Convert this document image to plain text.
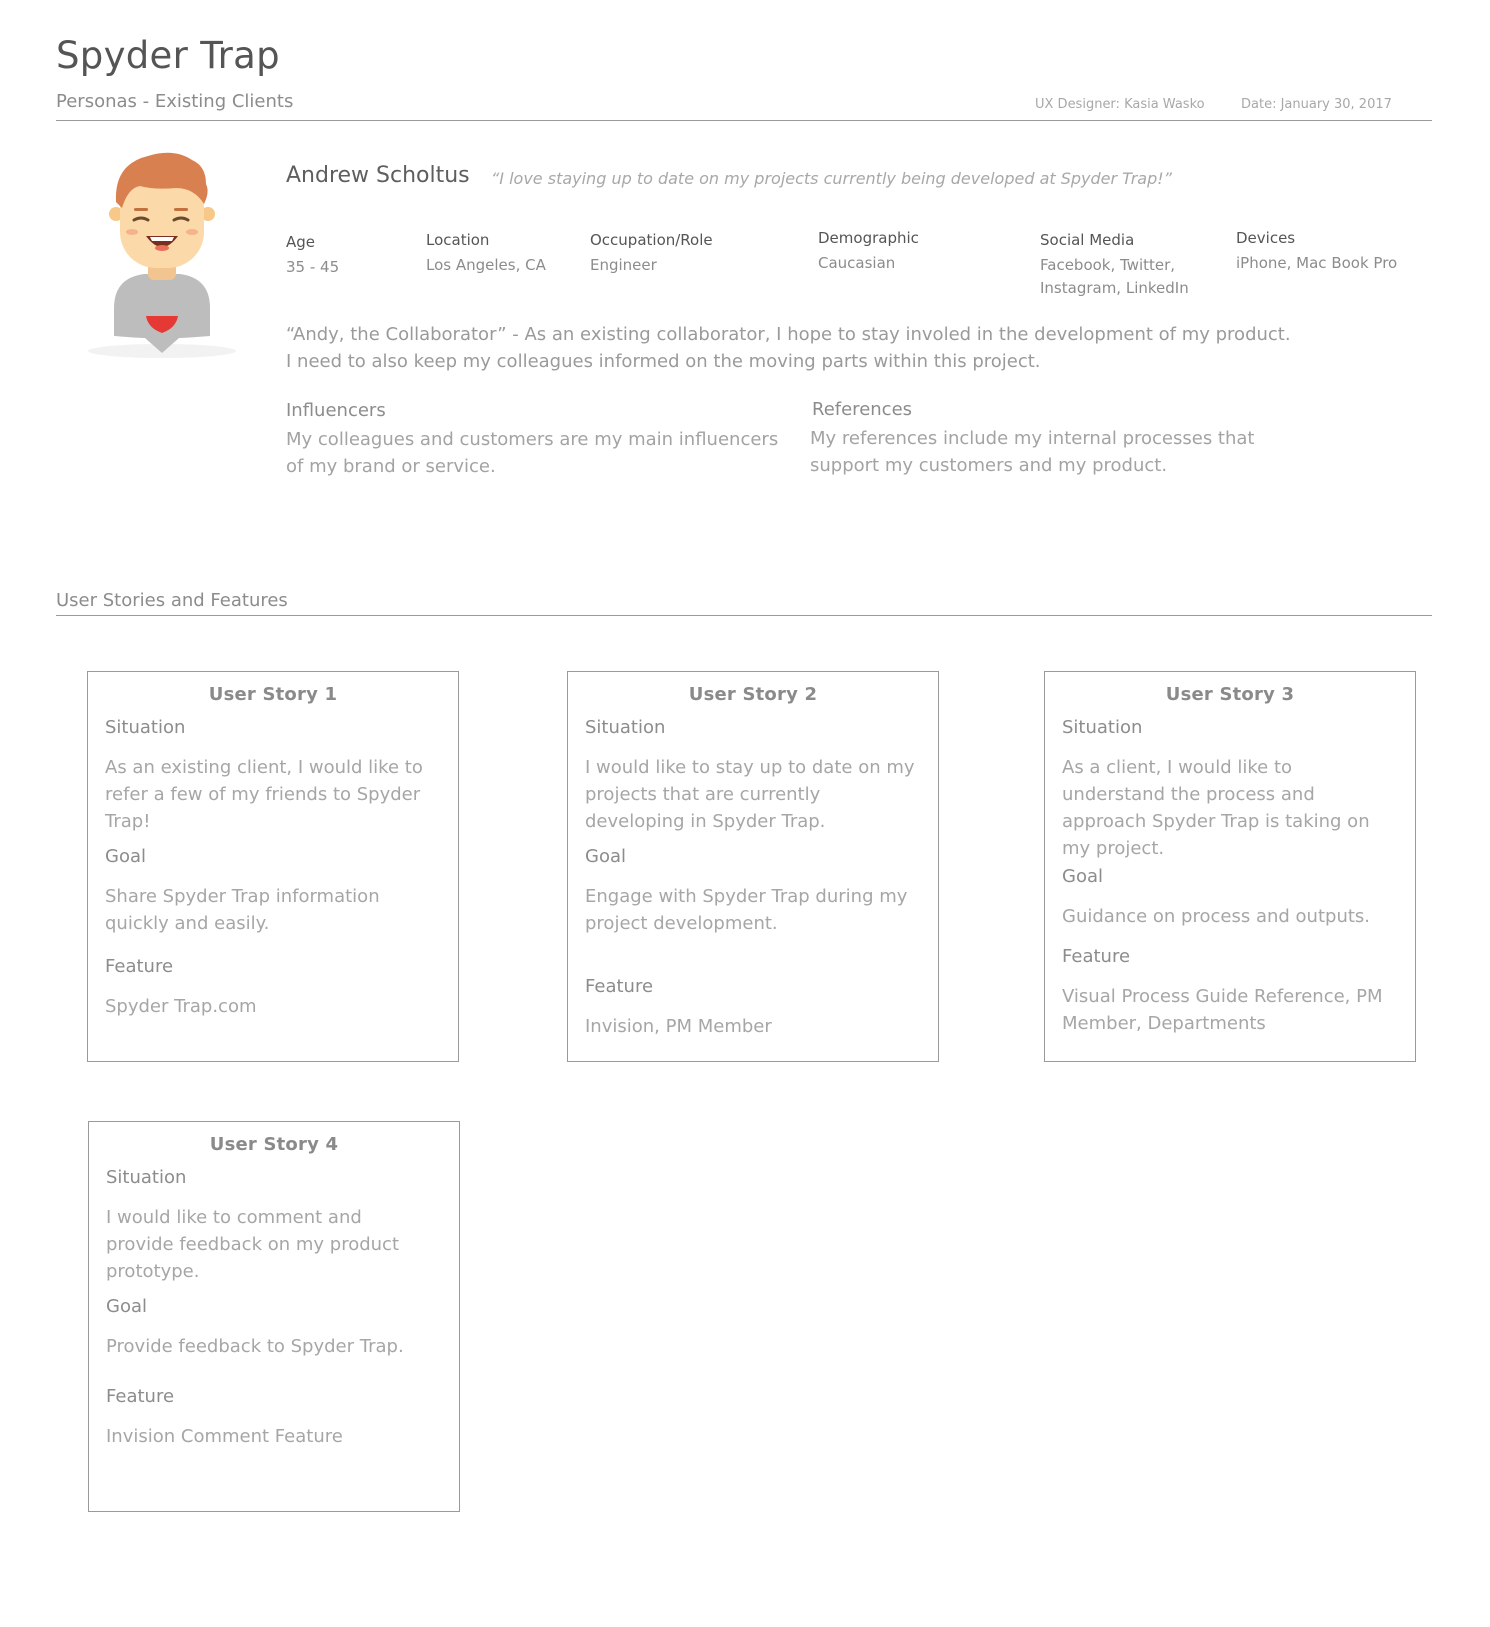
Spyder Trap
Personas - Existing Clients	UX Designer: Kasia Wasko	Date: January 30, 2017
Andrew Scholtus “I love staying up to date on my projects currently being developed at Spyder Trap!”
Age
35 - 45
Location
Los Angeles, CA
Occupation/Role
Engineer
Demographic
Caucasian
Social Media
Facebook, Twitter,
Instagram, LinkedIn
Devices
iPhone, Mac Book Pro
“Andy, the Collaborator” - As an existing collaborator, I hope to stay involed in the development of my product.
I need to also keep my colleagues informed on the moving parts within this project.
Influencers
My colleagues and customers are my main influencers
of my brand or service.
References
My references include my internal processes that
support my customers and my product.
User Stories and Features
User Story 1
Situation
As an existing client, I would like to
refer a few of my friends to Spyder
Trap!
Goal
Share Spyder Trap information
quickly and easily.
Feature
Spyder Trap.com
User Story 2
Situation
I would like to stay up to date on my
projects that are currently
developing in Spyder Trap.
Goal
Engage with Spyder Trap during my
project development.
Feature
Invision, PM Member
User Story 3
Situation
As a client, I would like to
understand the process and
approach Spyder Trap is taking on
my project.
Goal
Guidance on process and outputs.
Feature
Visual Process Guide Reference, PM
Member, Departments
User Story 4
Situation
I would like to comment and
provide feedback on my product
prototype.
Goal
Provide feedback to Spyder Trap.
Feature
Invision Comment Feature
